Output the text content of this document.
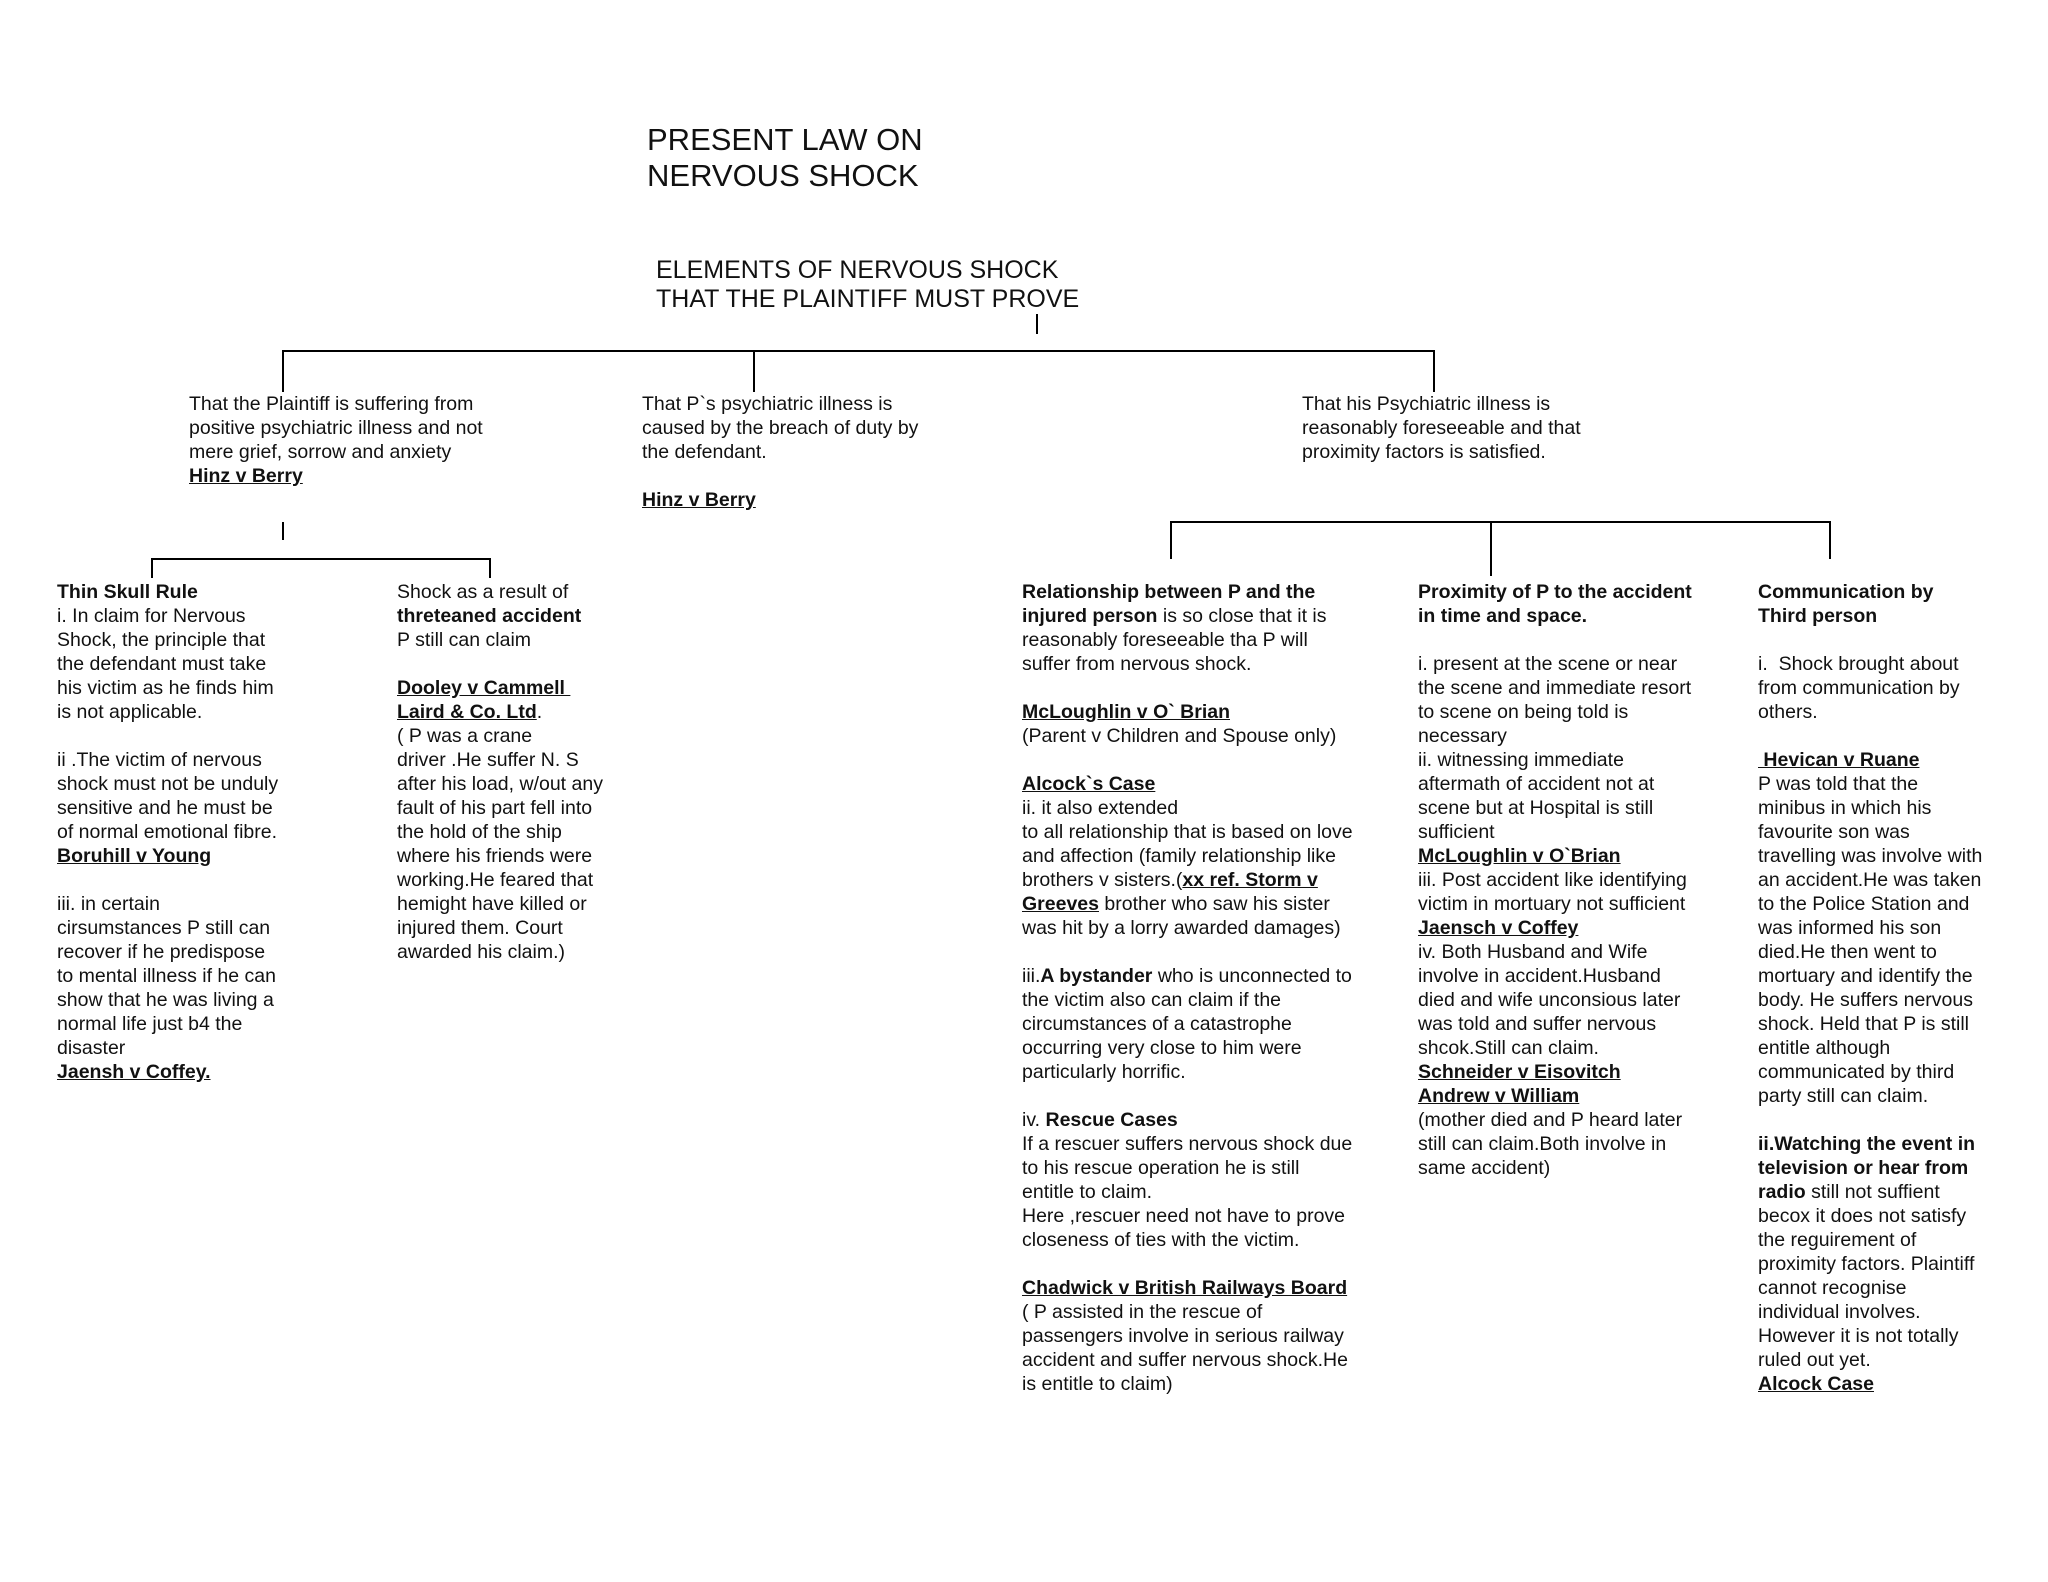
PRESENT LAW ON
NERVOUS SHOCK
ELEMENTS OF NERVOUS SHOCK
THAT THE PLAINTIFF MUST PROVE
That the Plaintiff is suffering from
positive psychiatric illness and not
mere grief, sorrow and anxiety
Hinz v Berry
That P`s psychiatric illness is
caused by the breach of duty by
the defendant.
Hinz v Berry
That his Psychiatric illness is
reasonably foreseeable and that
proximity factors is satisfied.
Thin Skull Rule
i. In claim for Nervous
Shock, the principle that
the defendant must take
his victim as he finds him
is not applicable.
ii .The victim of nervous
shock must not be unduly
sensitive and he must be
of normal emotional fibre.
Boruhill v Young
iii. in certain
cirsumstances P still can
recover if he predispose
to mental illness if he can
show that he was living a
normal life just b4 the
disaster
Jaensh v Coffey.
Shock as a result of
threteaned accident
P still can claim
Dooley v Cammell
Laird & Co. Ltd.
( P was a crane
driver .He suffer N. S
after his load, w/out any
fault of his part fell into
the hold of the ship
where his friends were
working.He feared that
hemight have killed or
injured them. Court
awarded his claim.)
Relationship between P and the
injured person is so close that it is
reasonably foreseeable tha P will
suffer from nervous shock.
McLoughlin v O` Brian
(Parent v Children and Spouse only)
Alcock`s Case
ii. it also extended
to all relationship that is based on love
and affection (family relationship like
brothers v sisters.(xx ref. Storm v
Greeves brother who saw his sister
was hit by a lorry awarded damages)
iii.A bystander who is unconnected to
the victim also can claim if the
circumstances of a catastrophe
occurring very close to him were
particularly horrific.
iv. Rescue Cases
If a rescuer suffers nervous shock due
to his rescue operation he is still
entitle to claim.
Here ,rescuer need not have to prove
closeness of ties with the victim.
Chadwick v British Railways Board
( P assisted in the rescue of
passengers involve in serious railway
accident and suffer nervous shock.He
is entitle to claim)
Proximity of P to the accident
in time and space.
i. present at the scene or near
the scene and immediate resort
to scene on being told is
necessary
ii. witnessing immediate
aftermath of accident not at
scene but at Hospital is still
sufficient
McLoughlin v O`Brian
iii. Post accident like identifying
victim in mortuary not sufficient
Jaensch v Coffey
iv. Both Husband and Wife
involve in accident.Husband
died and wife unconsious later
was told and suffer nervous
shcok.Still can claim.
Schneider v Eisovitch
Andrew v William
(mother died and P heard later
still can claim.Both involve in
same accident)
Communication by
Third person
i.  Shock brought about
from communication by
others.
Hevican v Ruane
P was told that the
minibus in which his
favourite son was
travelling was involve with
an accident.He was taken
to the Police Station and
was informed his son
died.He then went to
mortuary and identify the
body. He suffers nervous
shock. Held that P is still
entitle although
communicated by third
party still can claim.
ii.Watching the event in
television or hear from
radio still not suffient
becox it does not satisfy
the reguirement of
proximity factors. Plaintiff
cannot recognise
individual involves.
However it is not totally
ruled out yet.
Alcock Case
